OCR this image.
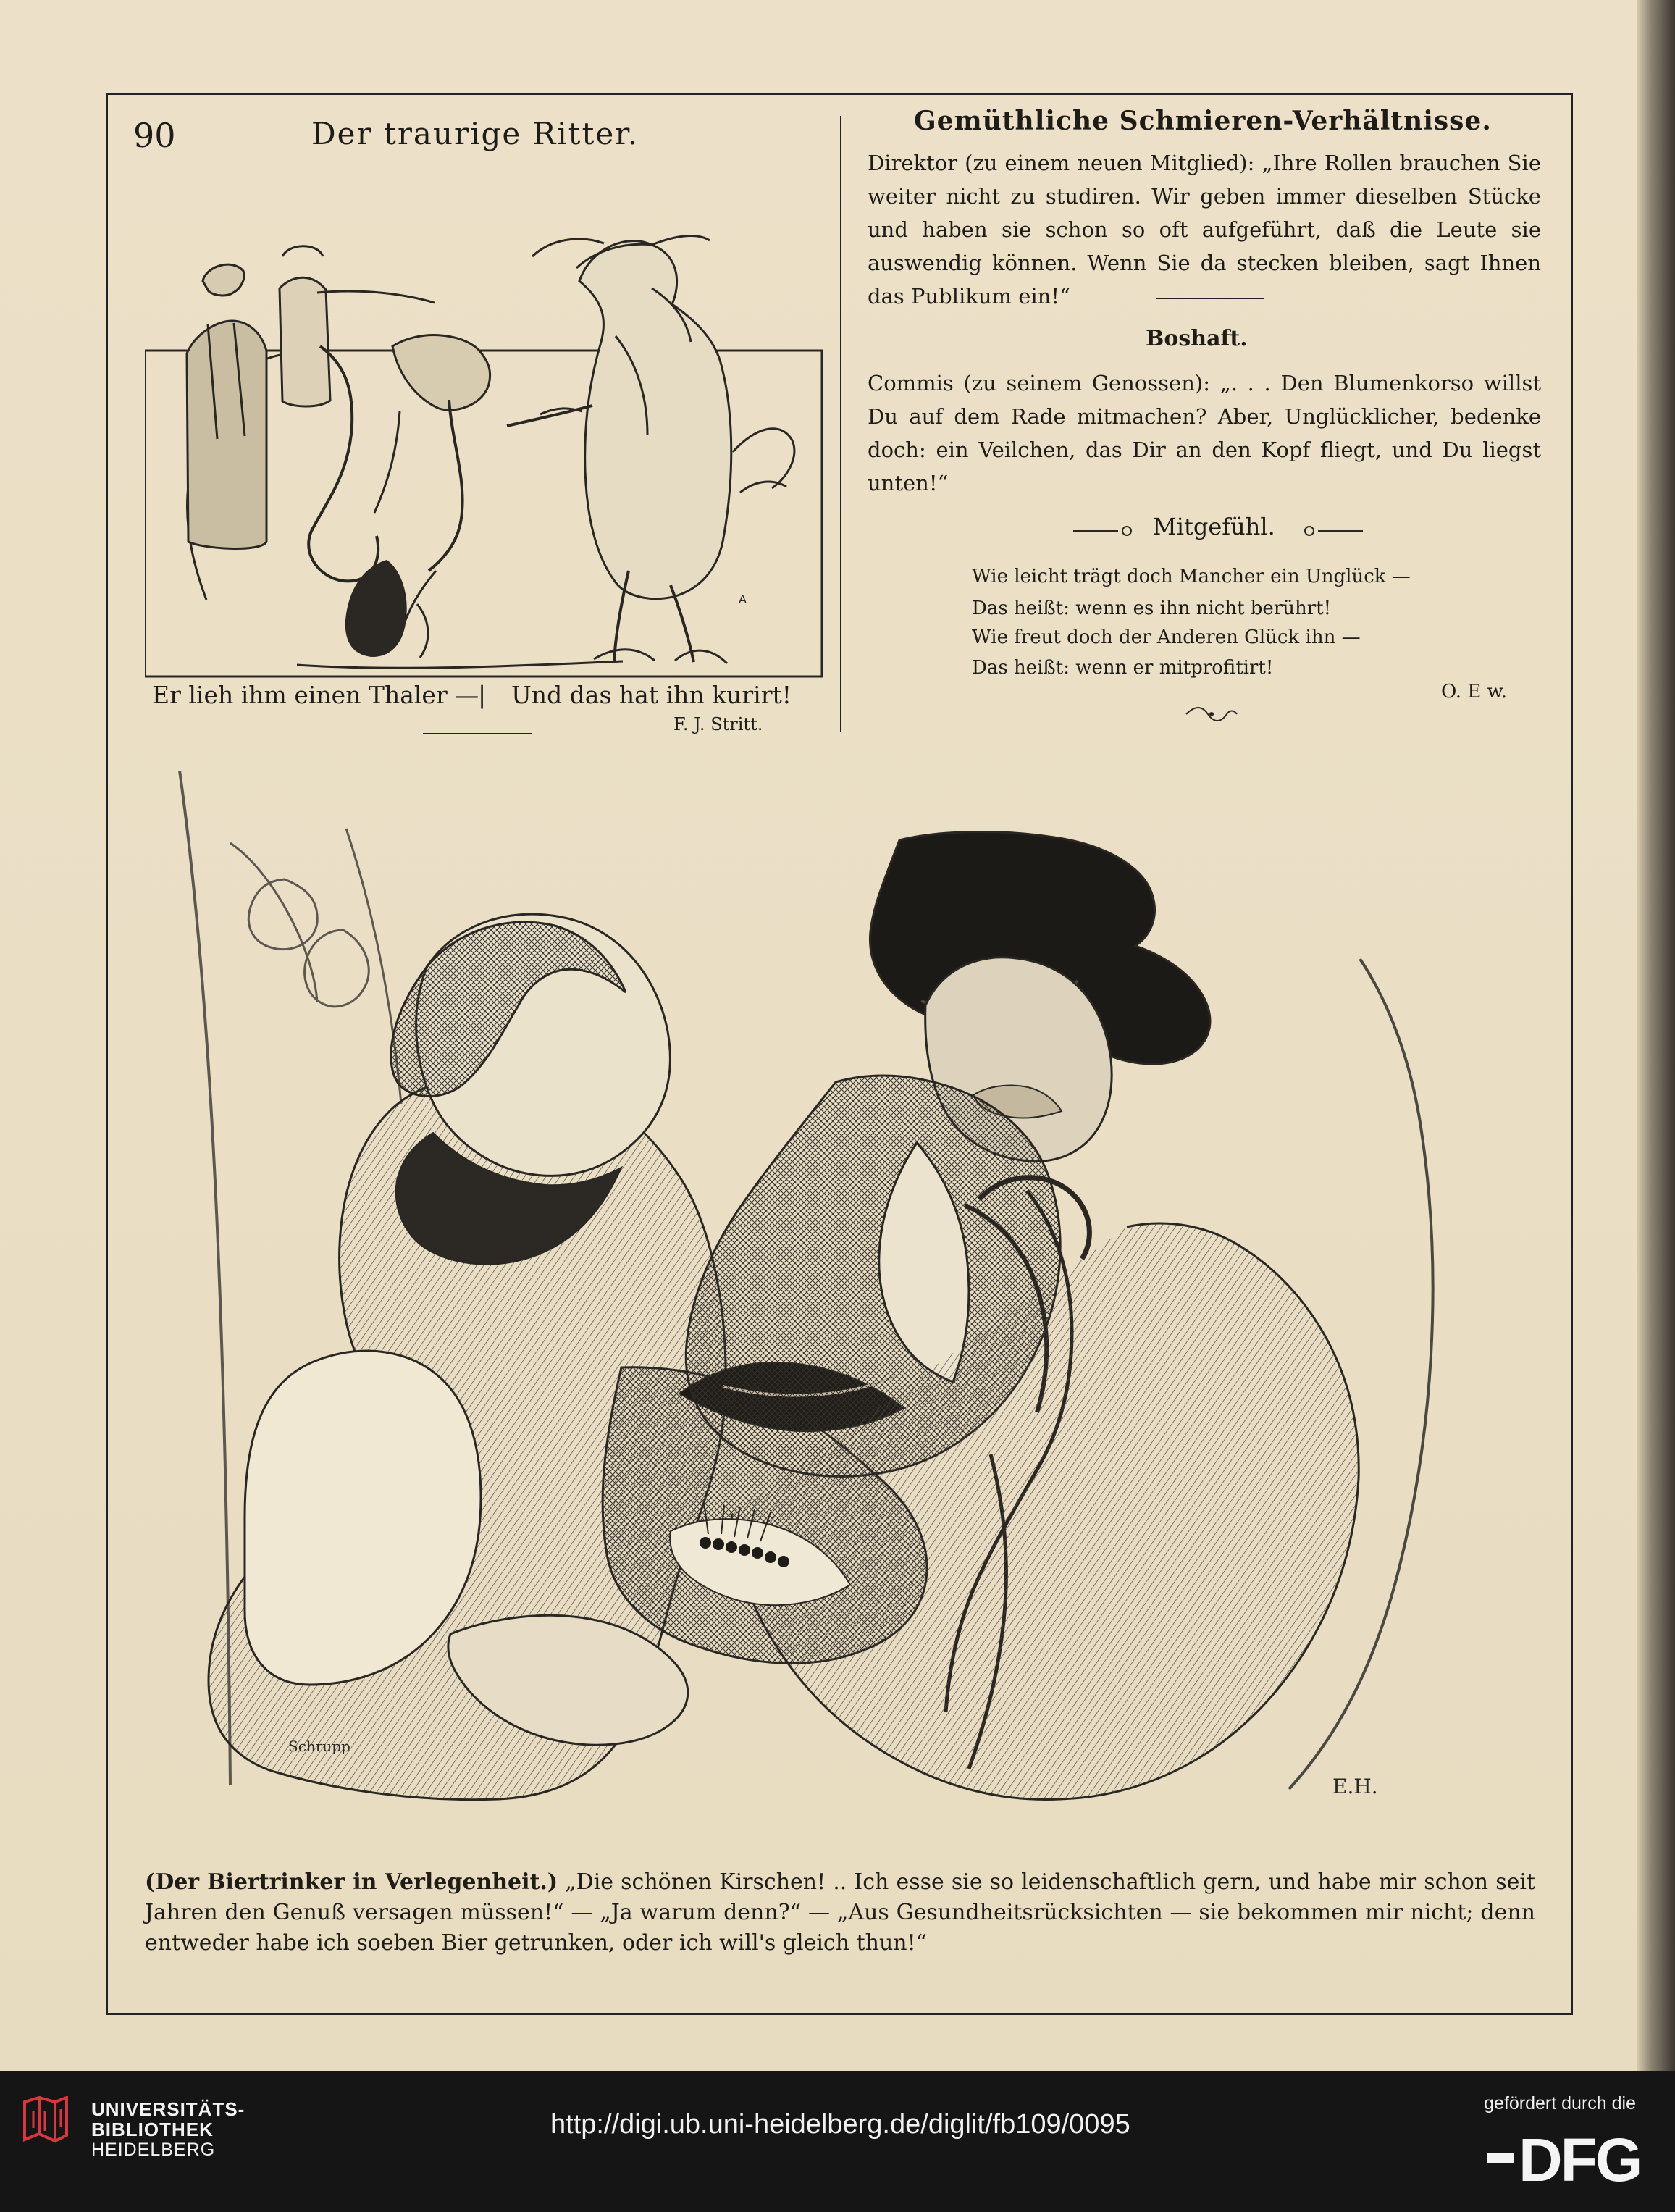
90	Der traurige Ritter.
A
Er lieh ihm einen Thaler —
| Und das hat ihn kurirt!
F. J. Stritt.
Gemüthliche Schmieren-Verhältnisse.
Direktor (zu einem neuen Mitglied): „Ihre Rollen brauchen Sie weiter nicht zu studiren. Wir geben immer dieselben Stücke und haben sie schon so oft aufgeführt, daß die Leute sie auswendig können. Wenn Sie da stecken bleiben, sagt Ihnen das Publikum ein!“
Boshaft.
Commis (zu seinem Genossen): „. . . Den Blumenkorso willst Du auf dem Rade mitmachen? Aber, Unglücklicher, bedenke doch: ein Veilchen, das Dir an den Kopf fliegt, und Du liegst unten!“
Mitgefühl.
Wie leicht trägt doch Mancher ein Unglück —
Das heißt: wenn es ihn nicht berührt!
Wie freut doch der Anderen Glück ihn —
Das heißt: wenn er mitprofitirt!
O. E w.
Schrupp
E.H.
(Der Biertrinker in Verlegenheit.) „Die schönen Kirschen! .. Ich esse sie so leidenschaftlich gern, und habe mir schon seit Jahren den Genuß versagen müssen!“ — „Ja warum denn?“ — „Aus Gesundheitsrücksichten — sie bekommen mir nicht; denn entweder habe ich soeben Bier getrunken, oder ich will's gleich thun!“
UNIVERSITÄTS-
BIBLIOTHEK
HEIDELBERG
http://digi.ub.uni-heidelberg.de/diglit/fb109/0095
gefördert durch die
DFG
